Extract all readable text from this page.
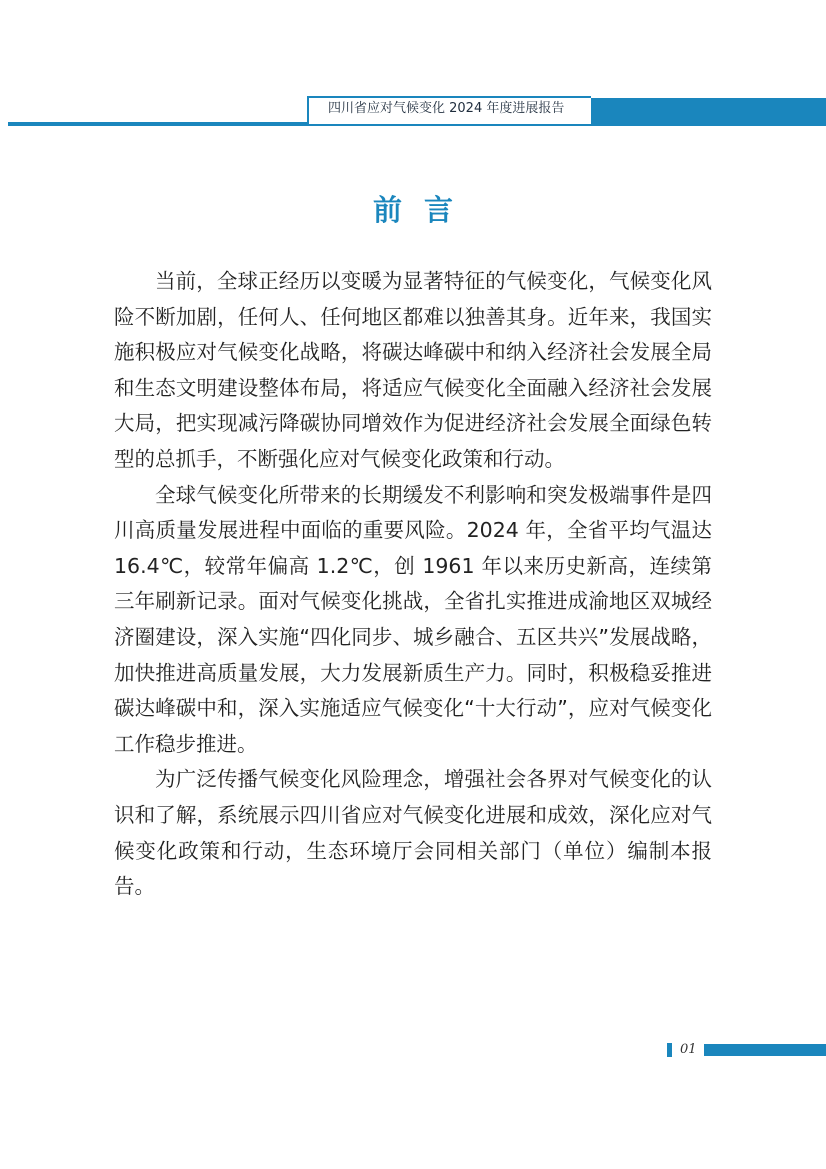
四川省应对气候变化 2024 年度进展报告
前言

当前，全球正经历以变暖为显著特征的气候变化，气候变化风险不断加剧，任何人、任何地区都难以独善其身。近年来，我国实施积极应对气候变化战略，将碳达峰碳中和纳入经济社会发展全局和生态文明建设整体布局，将适应气候变化全面融入经济社会发展大局，把实现减污降碳协同增效作为促进经济社会发展全面绿色转型的总抓手，不断强化应对气候变化政策和行动。

全球气候变化所带来的长期缓发不利影响和突发极端事件是四川高质量发展进程中面临的重要风险。2024 年，全省平均气温达 16.4℃，较常年偏高 1.2℃，创 1961 年以来历史新高，连续第三年刷新记录。面对气候变化挑战，全省扎实推进成渝地区双城经济圈建设，深入实施“四化同步、城乡融合、五区共兴”发展战略，加快推进高质量发展，大力发展新质生产力。同时，积极稳妥推进碳达峰碳中和，深入实施适应气候变化“十大行动”，应对气候变化工作稳步推进。

为广泛传播气候变化风险理念，增强社会各界对气候变化的认识和了解，系统展示四川省应对气候变化进展和成效，深化应对气候变化政策和行动，生态环境厅会同相关部门（单位）编制本报告。

01
